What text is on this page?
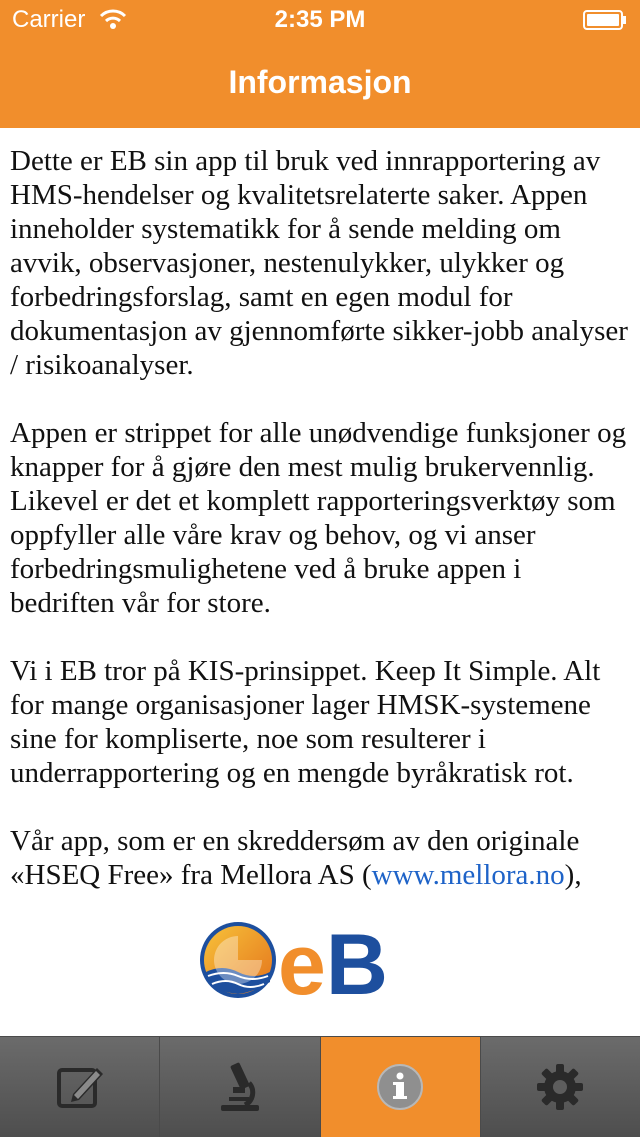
Carrier	2:35 PM
Informasjon

Dette er EB sin app til bruk ved innrapportering av HMS-hendelser og kvalitetsrelaterte saker. Appen inneholder systematikk for å sende melding om avvik, observasjoner, nestenulykker, ulykker og forbedringsforslag, samt en egen modul for dokumentasjon av gjennomførte sikker-jobb analyser / risikoanalyser.

Appen er strippet for alle unødvendige funksjoner og knapper for å gjøre den mest mulig brukervennlig. Likevel er det et komplett rapporteringsverktøy som oppfyller alle våre krav og behov, og vi anser forbedringsmulighetene ved å bruke appen i bedriften vår for store.

Vi i EB tror på KIS-prinsippet. Keep It Simple. Alt for mange organisasjoner lager HMSK-systemene sine for kompliserte, noe som resulterer i underrapportering og en mengde byråkratisk rot.

Vår app, som er en skreddersøm av den originale «HSEQ Free» fra Mellora AS (www.mellora.no),

eB
